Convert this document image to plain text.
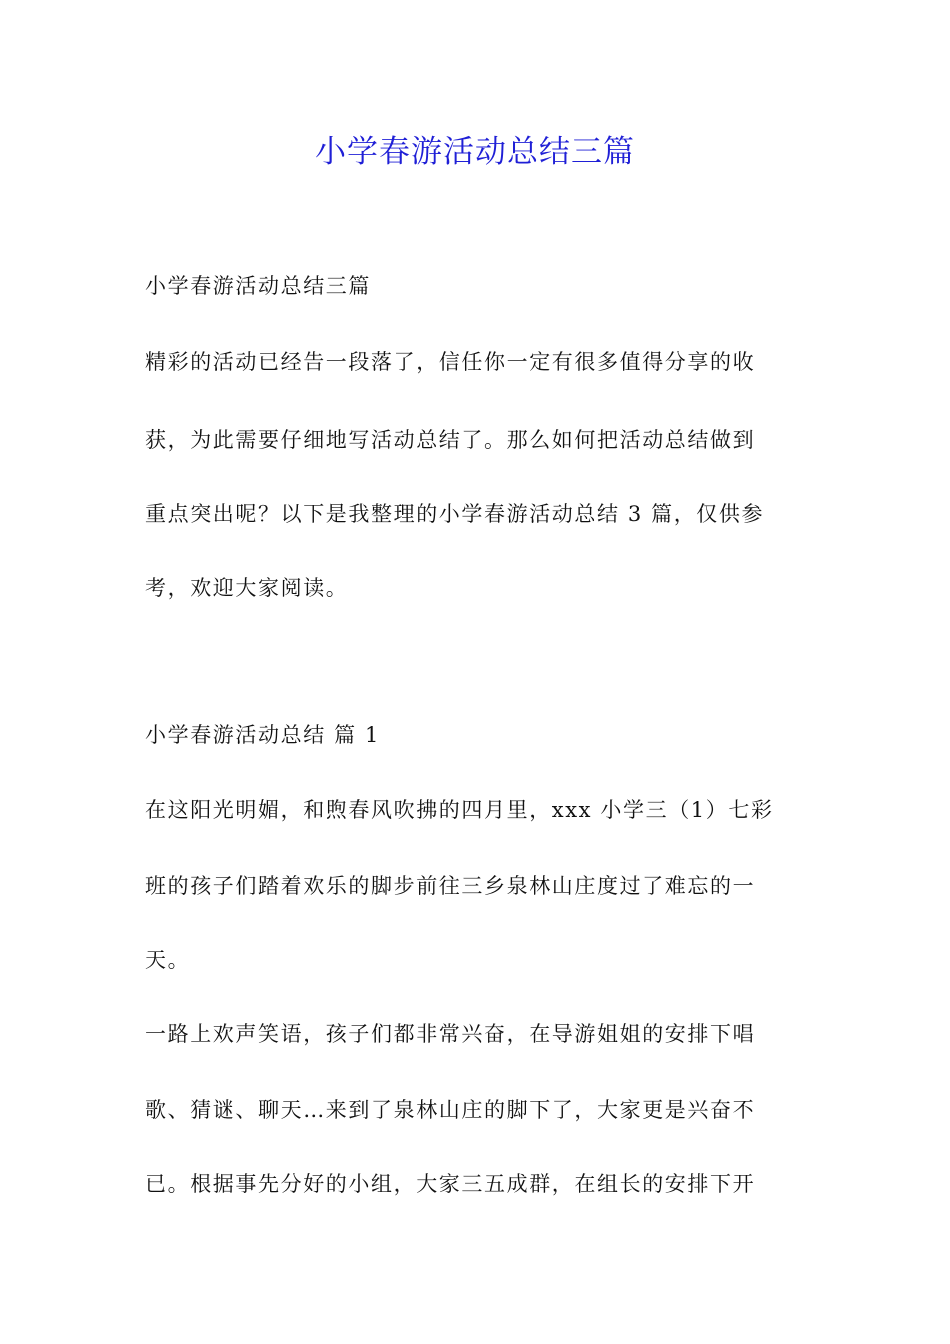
小学春游活动总结三篇
小学春游活动总结三篇
精彩的活动已经告一段落了，信任你一定有很多值得分享的收
获，为此需要仔细地写活动总结了。那么如何把活动总结做到
重点突出呢？以下是我整理的小学春游活动总结 3 篇，仅供参
考，欢迎大家阅读。
小学春游活动总结 篇 1
在这阳光明媚，和煦春风吹拂的四月里，xxx 小学三（1）七彩
班的孩子们踏着欢乐的脚步前往三乡泉林山庄度过了难忘的一
天。
一路上欢声笑语，孩子们都非常兴奋，在导游姐姐的安排下唱
歌、猜谜、聊天…来到了泉林山庄的脚下了，大家更是兴奋不
已。根据事先分好的小组，大家三五成群，在组长的安排下开
